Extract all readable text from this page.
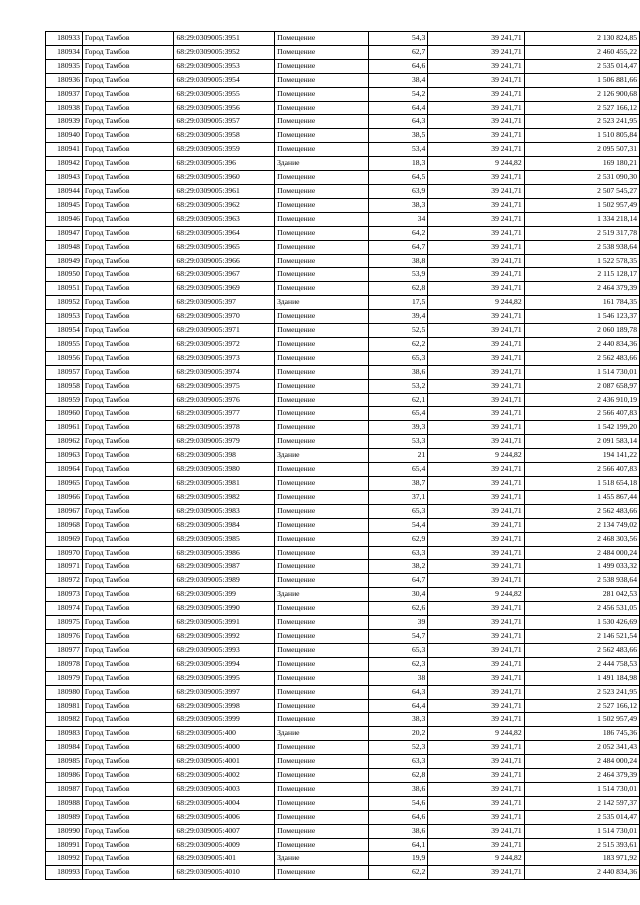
180933	Город Тамбов	68:29:0309005:3951	Помещение	54,3	39 241,71	2 130 824,85
180934	Город Тамбов	68:29:0309005:3952	Помещение	62,7	39 241,71	2 460 455,22
180935	Город Тамбов	68:29:0309005:3953	Помещение	64,6	39 241,71	2 535 014,47
180936	Город Тамбов	68:29:0309005:3954	Помещение	38,4	39 241,71	1 506 881,66
180937	Город Тамбов	68:29:0309005:3955	Помещение	54,2	39 241,71	2 126 900,68
180938	Город Тамбов	68:29:0309005:3956	Помещение	64,4	39 241,71	2 527 166,12
180939	Город Тамбов	68:29:0309005:3957	Помещение	64,3	39 241,71	2 523 241,95
180940	Город Тамбов	68:29:0309005:3958	Помещение	38,5	39 241,71	1 510 805,84
180941	Город Тамбов	68:29:0309005:3959	Помещение	53,4	39 241,71	2 095 507,31
180942	Город Тамбов	68:29:0309005:396	Здание	18,3	9 244,82	169 180,21
180943	Город Тамбов	68:29:0309005:3960	Помещение	64,5	39 241,71	2 531 090,30
180944	Город Тамбов	68:29:0309005:3961	Помещение	63,9	39 241,71	2 507 545,27
180945	Город Тамбов	68:29:0309005:3962	Помещение	38,3	39 241,71	1 502 957,49
180946	Город Тамбов	68:29:0309005:3963	Помещение	34	39 241,71	1 334 218,14
180947	Город Тамбов	68:29:0309005:3964	Помещение	64,2	39 241,71	2 519 317,78
180948	Город Тамбов	68:29:0309005:3965	Помещение	64,7	39 241,71	2 538 938,64
180949	Город Тамбов	68:29:0309005:3966	Помещение	38,8	39 241,71	1 522 578,35
180950	Город Тамбов	68:29:0309005:3967	Помещение	53,9	39 241,71	2 115 128,17
180951	Город Тамбов	68:29:0309005:3969	Помещение	62,8	39 241,71	2 464 379,39
180952	Город Тамбов	68:29:0309005:397	Здание	17,5	9 244,82	161 784,35
180953	Город Тамбов	68:29:0309005:3970	Помещение	39,4	39 241,71	1 546 123,37
180954	Город Тамбов	68:29:0309005:3971	Помещение	52,5	39 241,71	2 060 189,78
180955	Город Тамбов	68:29:0309005:3972	Помещение	62,2	39 241,71	2 440 834,36
180956	Город Тамбов	68:29:0309005:3973	Помещение	65,3	39 241,71	2 562 483,66
180957	Город Тамбов	68:29:0309005:3974	Помещение	38,6	39 241,71	1 514 730,01
180958	Город Тамбов	68:29:0309005:3975	Помещение	53,2	39 241,71	2 087 658,97
180959	Город Тамбов	68:29:0309005:3976	Помещение	62,1	39 241,71	2 436 910,19
180960	Город Тамбов	68:29:0309005:3977	Помещение	65,4	39 241,71	2 566 407,83
180961	Город Тамбов	68:29:0309005:3978	Помещение	39,3	39 241,71	1 542 199,20
180962	Город Тамбов	68:29:0309005:3979	Помещение	53,3	39 241,71	2 091 583,14
180963	Город Тамбов	68:29:0309005:398	Здание	21	9 244,82	194 141,22
180964	Город Тамбов	68:29:0309005:3980	Помещение	65,4	39 241,71	2 566 407,83
180965	Город Тамбов	68:29:0309005:3981	Помещение	38,7	39 241,71	1 518 654,18
180966	Город Тамбов	68:29:0309005:3982	Помещение	37,1	39 241,71	1 455 867,44
180967	Город Тамбов	68:29:0309005:3983	Помещение	65,3	39 241,71	2 562 483,66
180968	Город Тамбов	68:29:0309005:3984	Помещение	54,4	39 241,71	2 134 749,02
180969	Город Тамбов	68:29:0309005:3985	Помещение	62,9	39 241,71	2 468 303,56
180970	Город Тамбов	68:29:0309005:3986	Помещение	63,3	39 241,71	2 484 000,24
180971	Город Тамбов	68:29:0309005:3987	Помещение	38,2	39 241,71	1 499 033,32
180972	Город Тамбов	68:29:0309005:3989	Помещение	64,7	39 241,71	2 538 938,64
180973	Город Тамбов	68:29:0309005:399	Здание	30,4	9 244,82	281 042,53
180974	Город Тамбов	68:29:0309005:3990	Помещение	62,6	39 241,71	2 456 531,05
180975	Город Тамбов	68:29:0309005:3991	Помещение	39	39 241,71	1 530 426,69
180976	Город Тамбов	68:29:0309005:3992	Помещение	54,7	39 241,71	2 146 521,54
180977	Город Тамбов	68:29:0309005:3993	Помещение	65,3	39 241,71	2 562 483,66
180978	Город Тамбов	68:29:0309005:3994	Помещение	62,3	39 241,71	2 444 758,53
180979	Город Тамбов	68:29:0309005:3995	Помещение	38	39 241,71	1 491 184,98
180980	Город Тамбов	68:29:0309005:3997	Помещение	64,3	39 241,71	2 523 241,95
180981	Город Тамбов	68:29:0309005:3998	Помещение	64,4	39 241,71	2 527 166,12
180982	Город Тамбов	68:29:0309005:3999	Помещение	38,3	39 241,71	1 502 957,49
180983	Город Тамбов	68:29:0309005:400	Здание	20,2	9 244,82	186 745,36
180984	Город Тамбов	68:29:0309005:4000	Помещение	52,3	39 241,71	2 052 341,43
180985	Город Тамбов	68:29:0309005:4001	Помещение	63,3	39 241,71	2 484 000,24
180986	Город Тамбов	68:29:0309005:4002	Помещение	62,8	39 241,71	2 464 379,39
180987	Город Тамбов	68:29:0309005:4003	Помещение	38,6	39 241,71	1 514 730,01
180988	Город Тамбов	68:29:0309005:4004	Помещение	54,6	39 241,71	2 142 597,37
180989	Город Тамбов	68:29:0309005:4006	Помещение	64,6	39 241,71	2 535 014,47
180990	Город Тамбов	68:29:0309005:4007	Помещение	38,6	39 241,71	1 514 730,01
180991	Город Тамбов	68:29:0309005:4009	Помещение	64,1	39 241,71	2 515 393,61
180992	Город Тамбов	68:29:0309005:401	Здание	19,9	9 244,82	183 971,92
180993	Город Тамбов	68:29:0309005:4010	Помещение	62,2	39 241,71	2 440 834,36
